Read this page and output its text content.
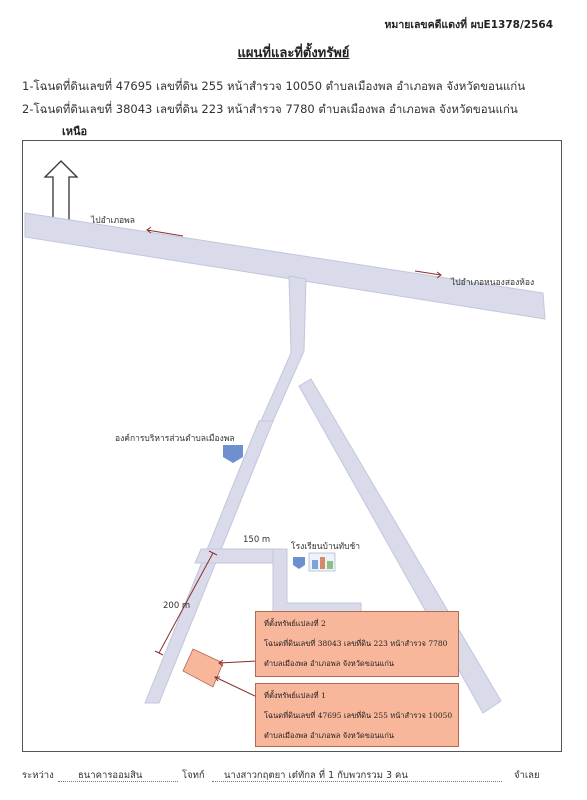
หมายเลขคดีแดงที่ ผบE1378/2564
แผนที่และที่ตั้งทรัพย์
1-โฉนดที่ดินเลขที่ 47695 เลขที่ดิน 255 หน้าสำรวจ 10050 ตำบลเมืองพล อำเภอพล จังหวัดขอนแก่น
2-โฉนดที่ดินเลขที่ 38043 เลขที่ดิน 223 หน้าสำรวจ 7780 ตำบลเมืองพล อำเภอพล จังหวัดขอนแก่น
เหนือ
ไปอำเภอพล
ไปอำเภอหนองสองห้อง
องค์การบริหารส่วนตำบลเมืองพล
โรงเรียนบ้านทับช้า
150 m
200 m
ที่ตั้งทรัพย์แปลงที่ 2
โฉนดที่ดินเลขที่ 38043 เลขที่ดิน 223 หน้าสำรวจ 7780
ตำบลเมืองพล อำเภอพล จังหวัดขอนแก่น
ที่ตั้งทรัพย์แปลงที่ 1
โฉนดที่ดินเลขที่ 47695 เลขที่ดิน 255 หน้าสำรวจ 10050
ตำบลเมืองพล อำเภอพล จังหวัดขอนแก่น
ระหว่าง	ธนาคารออมสิน	โจทก์ นางสาวกฤตยา เต๋ทักล ที่ 1 กับพวกรวม 3 คน	จำเลย
